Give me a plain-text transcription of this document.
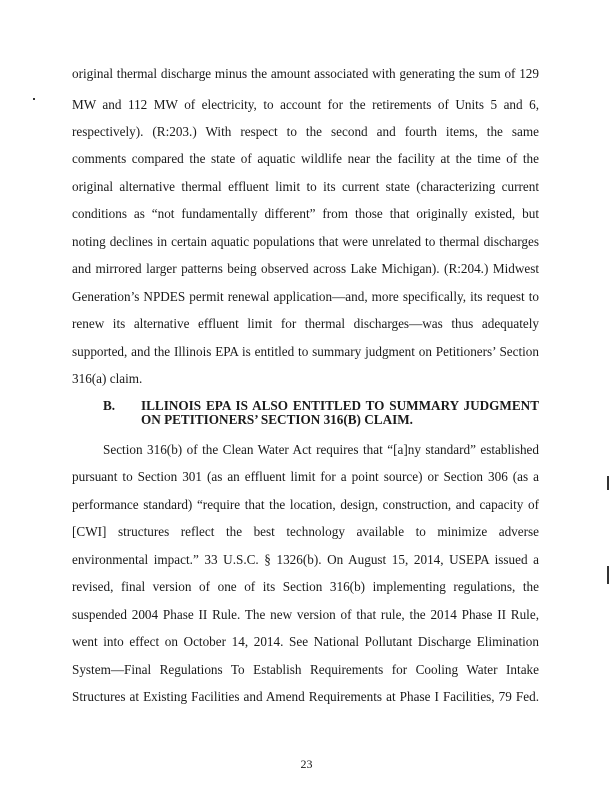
original thermal discharge minus the amount associated with generating the sum of 129
MW and 112 MW of electricity, to account for the retirements of Units 5 and 6,
respectively). (R:203.) With respect to the second and fourth items, the same
comments compared the state of aquatic wildlife near the facility at the time of the
original alternative thermal effluent limit to its current state (characterizing current
conditions as “not fundamentally different” from those that originally existed, but
noting declines in certain aquatic populations that were unrelated to thermal discharges
and mirrored larger patterns being observed across Lake Michigan). (R:204.) Midwest
Generation’s NPDES permit renewal application—and, more specifically, its request to
renew its alternative effluent limit for thermal discharges—was thus adequately
supported, and the Illinois EPA is entitled to summary judgment on Petitioners’ Section
316(a) claim.
B. ILLINOIS EPA IS ALSO ENTITLED TO SUMMARY JUDGMENT
ON PETITIONERS’ SECTION 316(B) CLAIM.
Section 316(b) of the Clean Water Act requires that “[a]ny standard” established
pursuant to Section 301 (as an effluent limit for a point source) or Section 306 (as a
performance standard) “require that the location, design, construction, and capacity of
[CWI] structures reflect the best technology available to minimize adverse
environmental impact.” 33 U.S.C. § 1326(b). On August 15, 2014, USEPA issued a
revised, final version of one of its Section 316(b) implementing regulations, the
suspended 2004 Phase II Rule. The new version of that rule, the 2014 Phase II Rule,
went into effect on October 14, 2014. See National Pollutant Discharge Elimination
System—Final Regulations To Establish Requirements for Cooling Water Intake
Structures at Existing Facilities and Amend Requirements at Phase I Facilities, 79 Fed.
23
